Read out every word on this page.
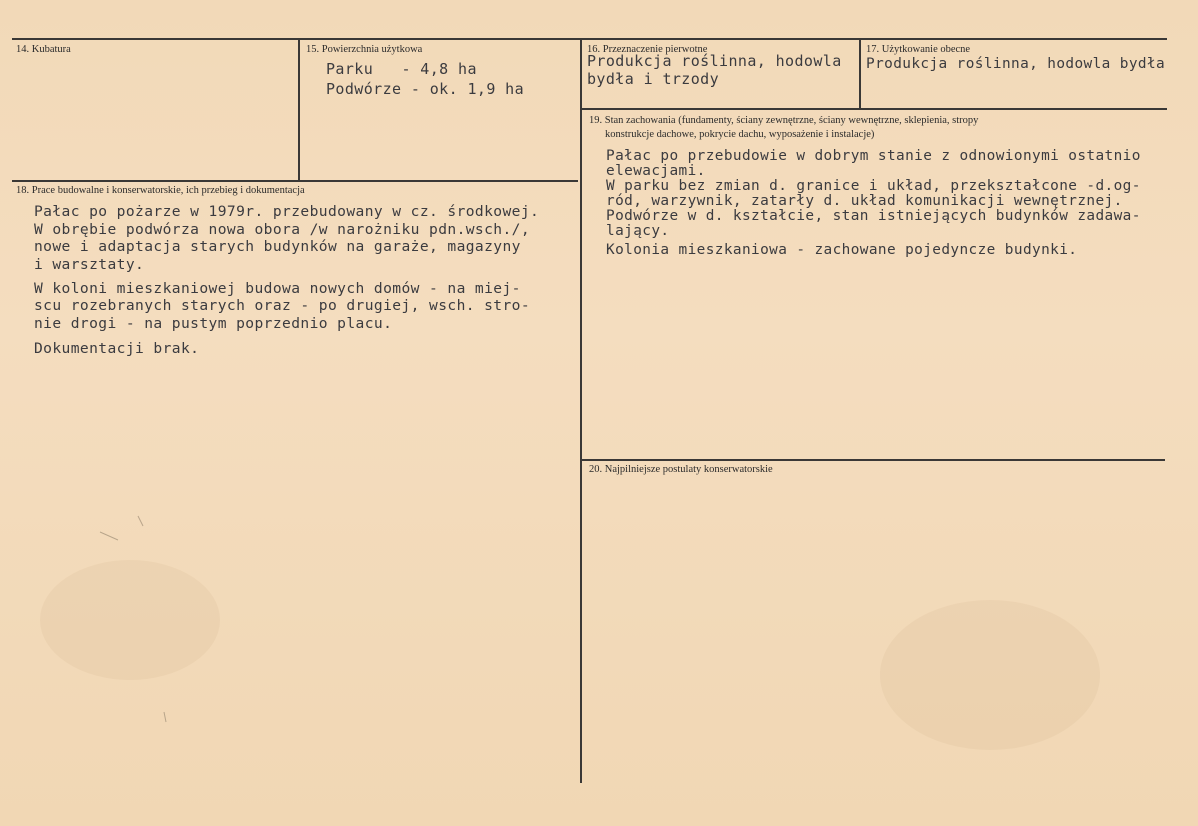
14. Kubatura	15. Powierzchnia użytkowa
Parku   - 4,8 ha
Podwórze - ok. 1,9 ha
16. Przeznaczenie pierwotne
Produkcja roślinna, hodowla
bydła i trzody
17. Użytkowanie obecne
Produkcja roślinna, hodowla bydła
18. Prace budowalne i konserwatorskie, ich przebieg i dokumentacja
Pałac po pożarze w 1979r. przebudowany w cz. środkowej.
W obrębie podwórza nowa obora /w narożniku pdn.wsch./,
nowe i adaptacja starych budynków na garaże, magazyny
i warsztaty.
W koloni mieszkaniowej budowa nowych domów - na miej-
scu rozebranych starych oraz - po drugiej, wsch. stro-
nie drogi - na pustym poprzednio placu.
Dokumentacji brak.
19. Stan zachowania (fundamenty, ściany zewnętrzne, ściany wewnętrzne, sklepienia, stropy
konstrukcje dachowe, pokrycie dachu, wyposażenie i instalacje)
Pałac po przebudowie w dobrym stanie z odnowionymi ostatnio
elewacjami.
W parku bez zmian d. granice i układ, przekształcone -d.og-
ród, warzywnik, zatarły d. układ komunikacji wewnętrznej.
Podwórze w d. kształcie, stan istniejących budynków zadawa-
lający.
Kolonia mieszkaniowa - zachowane pojedyncze budynki.
20. Najpilniejsze postulaty konserwatorskie
